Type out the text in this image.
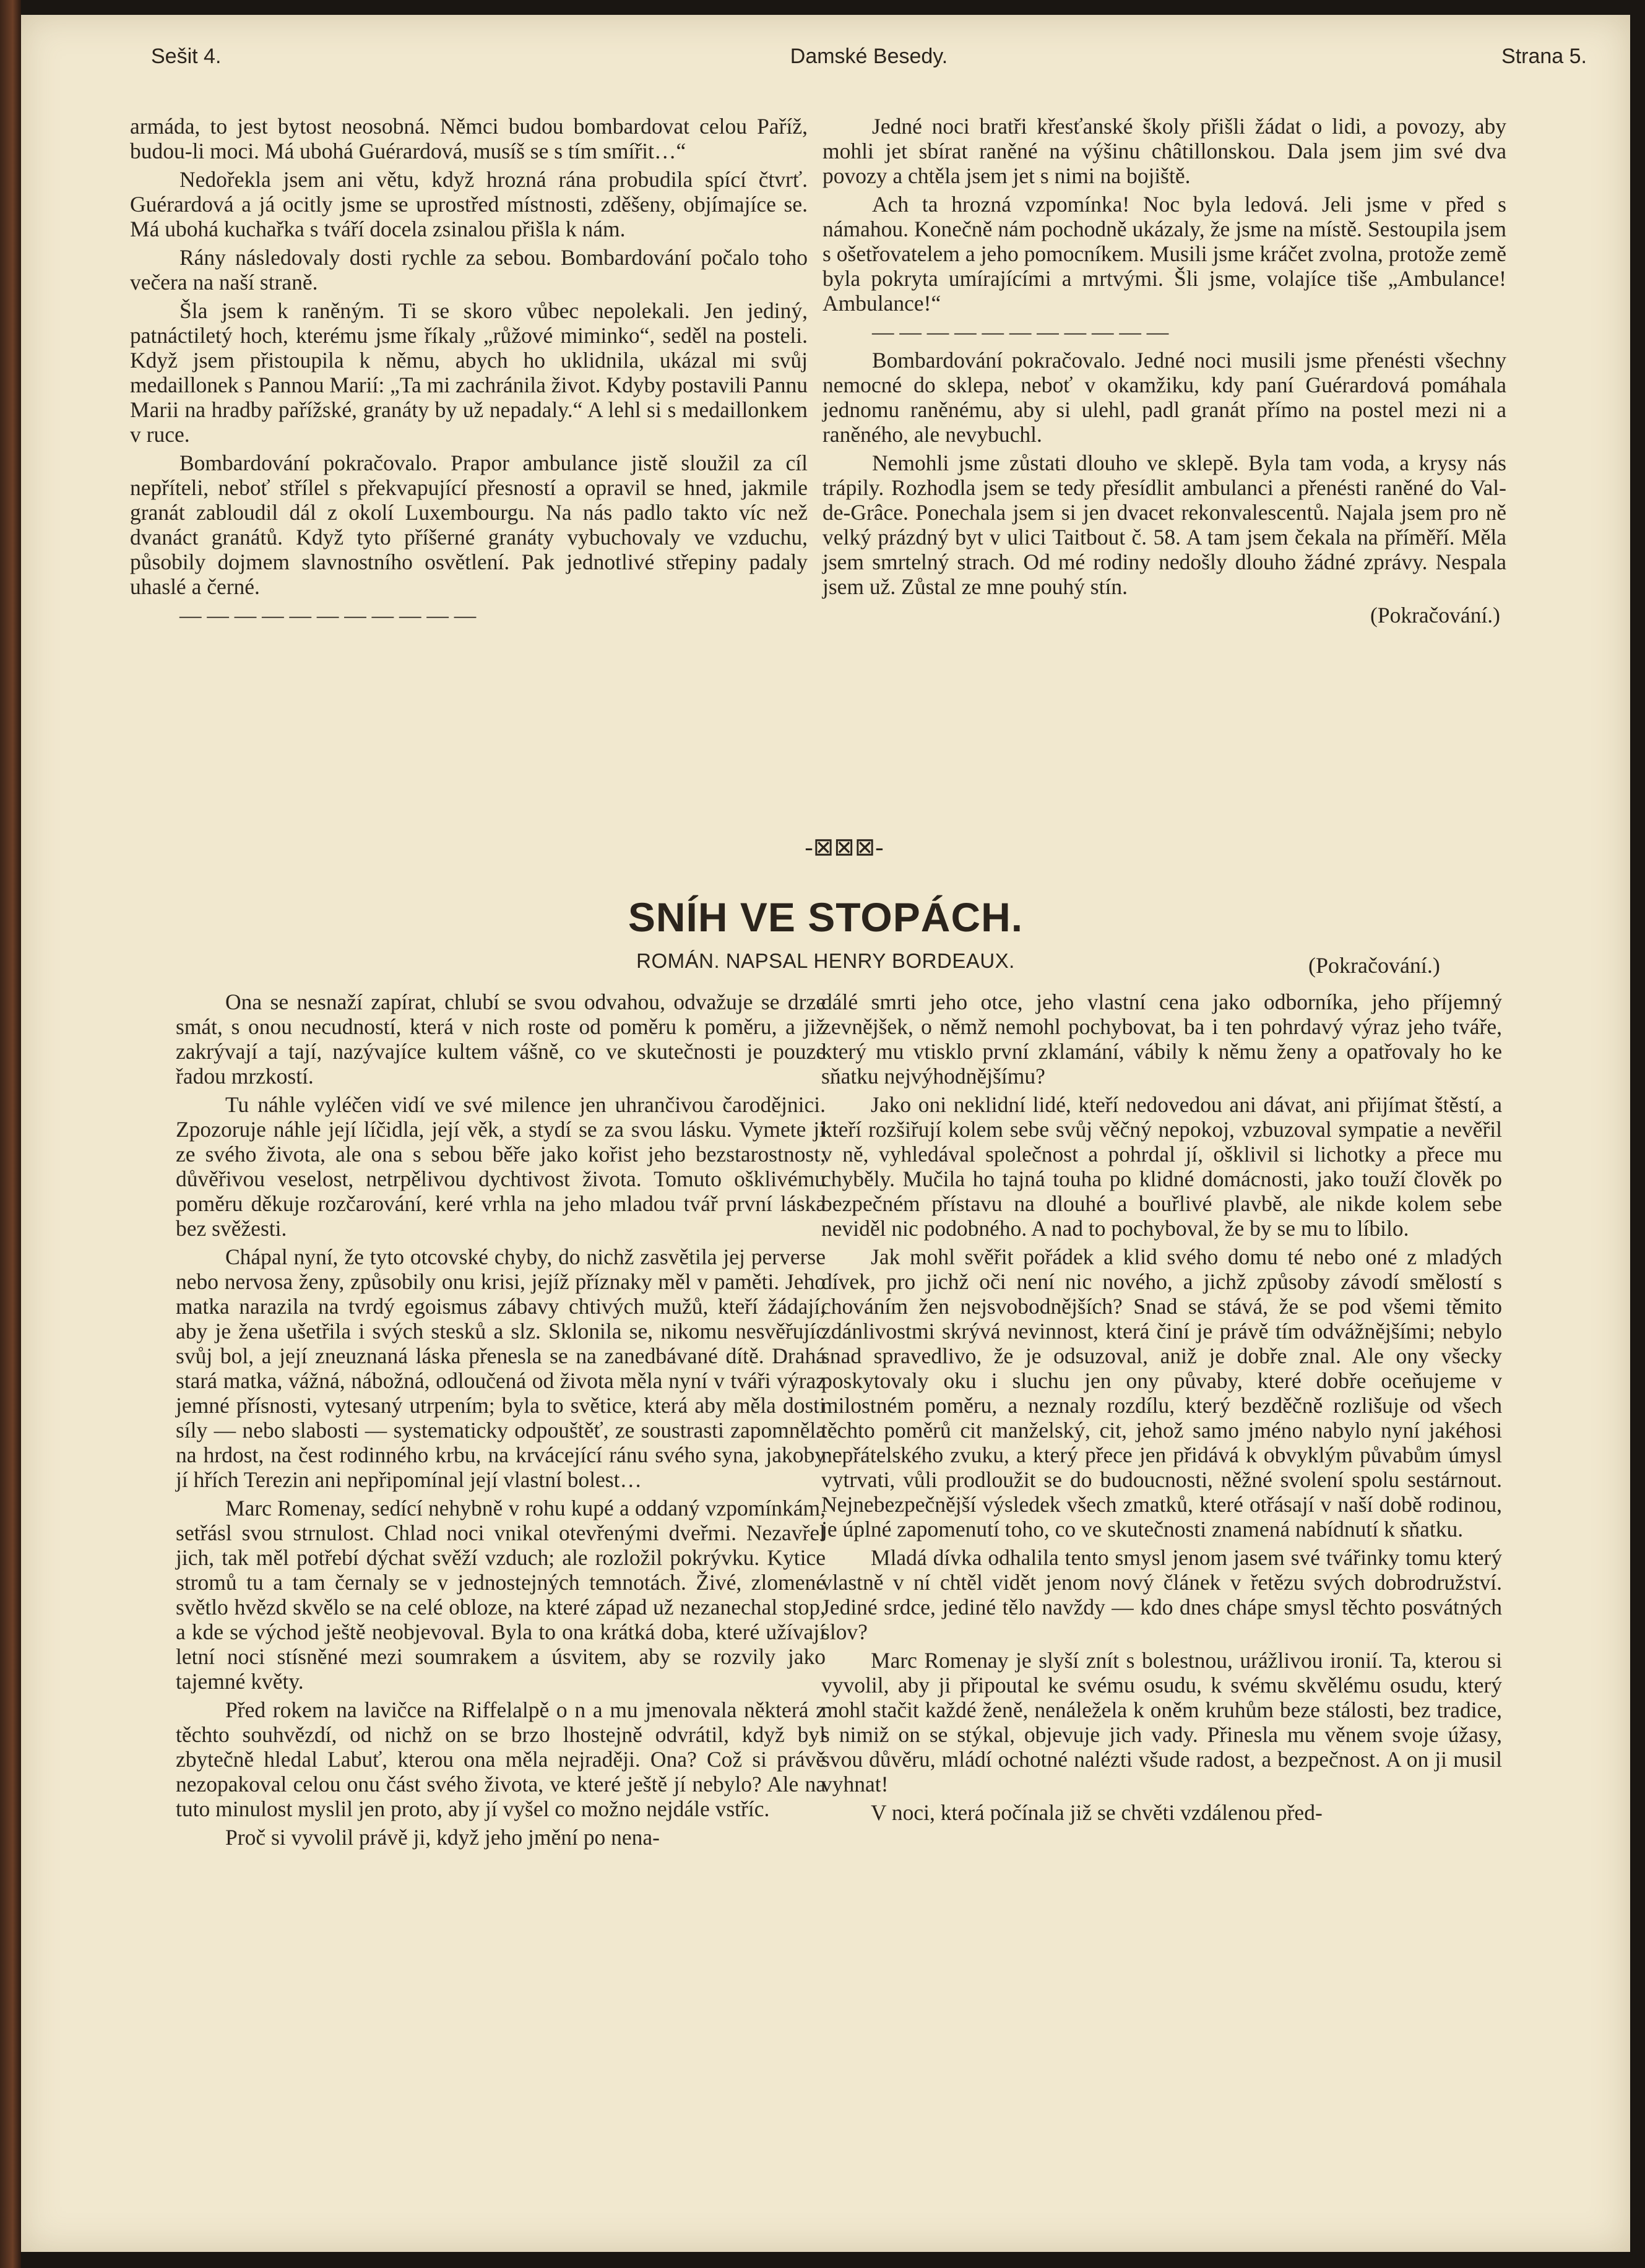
Sešit 4.	Damské Besedy.	Strana 5.

armáda, to jest bytost neosobná. Němci budou bombardovat celou Paříž, budou-li moci. Má ubohá Guérardová, musíš se s tím smířit…“

Nedořekla jsem ani větu, když hrozná rána probudila spící čtvrť. Guérardová a já ocitly jsme se uprostřed místnosti, zděšeny, objímajíce se. Má ubohá kuchařka s tváří docela zsinalou přišla k nám.

Rány následovaly dosti rychle za sebou. Bombardování počalo toho večera na naší straně.

Šla jsem k raněným. Ti se skoro vůbec nepolekali. Jen jediný, patnáctiletý hoch, kterému jsme říkaly „růžové miminko“, seděl na posteli. Když jsem přistoupila k němu, abych ho uklidnila, ukázal mi svůj medaillonek s Pannou Marií: „Ta mi zachránila život. Kdyby postavili Pannu Marii na hradby pařížské, granáty by už nepadaly.“ A lehl si s medaillonkem v ruce.

Bombardování pokračovalo. Prapor ambulance jistě sloužil za cíl nepříteli, neboť střílel s překvapující přesností a opravil se hned, jakmile granát zabloudil dál z okolí Luxembourgu. Na nás padlo takto víc než dvanáct granátů. Když tyto příšerné granáty vybuchovaly ve vzduchu, působily dojmem slavnostního osvětlení. Pak jednotlivé střepiny padaly uhaslé a černé.

— — — — — — — — — — —

Jedné noci bratři křesťanské školy přišli žádat o lidi, a povozy, aby mohli jet sbírat raněné na výšinu châtillonskou. Dala jsem jim své dva povozy a chtěla jsem jet s nimi na bojiště.

Ach ta hrozná vzpomínka! Noc byla ledová. Jeli jsme v před s námahou. Konečně nám pochodně ukázaly, že jsme na místě. Sestoupila jsem s ošetřovatelem a jeho pomocníkem. Musili jsme kráčet zvolna, protože země byla pokryta umírajícími a mrtvými. Šli jsme, volajíce tiše „Ambulance! Ambulance!“

— — — — — — — — — — —

Bombardování pokračovalo. Jedné noci musili jsme přenésti všechny nemocné do sklepa, neboť v okamžiku, kdy paní Guérardová pomáhala jednomu raněnému, aby si ulehl, padl granát přímo na postel mezi ni a raněného, ale nevybuchl.

Nemohli jsme zůstati dlouho ve sklepě. Byla tam voda, a krysy nás trápily. Rozhodla jsem se tedy přesídlit ambulanci a přenésti raněné do Val-de-Grâce. Ponechala jsem si jen dvacet rekonvalescentů. Najala jsem pro ně velký prázdný byt v ulici Taitbout č. 58. A tam jsem čekala na příměří. Měla jsem smrtelný strach. Od mé rodiny nedošly dlouho žádné zprávy. Nespala jsem už. Zůstal ze mne pouhý stín.

(Pokračování.)

-⊠⊠⊠-
SNÍH VE STOPÁCH.
ROMÁN. NAPSAL HENRY BORDEAUX.	(Pokračování.)

Ona se nesnaží zapírat, chlubí se svou odvahou, odvažuje se drze smát, s onou necudností, která v nich roste od poměru k poměru, a již zakrývají a tají, nazývajíce kultem vášně, co ve skutečnosti je pouze řadou mrzkostí.

Tu náhle vyléčen vidí ve své milence jen uhrančivou čarodějnici. Zpozoruje náhle její líčidla, její věk, a stydí se za svou lásku. Vymete ji ze svého života, ale ona s sebou běře jako kořist jeho bezstarostnost, důvěřivou veselost, netrpělivou dychtivost života. Tomuto ošklivému poměru děkuje rozčarování, keré vrhla na jeho mladou tvář první láska bez svěžesti.

Chápal nyní, že tyto otcovské chyby, do nichž zasvětila jej perverse nebo nervosa ženy, způsobily onu krisi, jejíž příznaky měl v paměti. Jeho matka narazila na tvrdý egoismus zábavy chtivých mužů, kteří žádají, aby je žena ušetřila i svých stesků a slz. Sklonila se, nikomu nesvěřujíc svůj bol, a její zneuznaná láska přenesla se na zanedbávané dítě. Drahá stará matka, vážná, nábožná, odloučená od života měla nyní v tváři výraz jemné přísnosti, vytesaný utrpením; byla to světice, která aby měla dosti síly — nebo slabosti — systematicky odpouštěť, ze soustrasti zapomněla na hrdost, na čest rodinného krbu, na krvácející ránu svého syna, jakoby jí hřích Terezin ani nepřipomínal její vlastní bolest…

Marc Romenay, sedící nehybně v rohu kupé a oddaný vzpomínkám, setřásl svou strnulost. Chlad noci vnikal otevřenými dveřmi. Nezavřel jich, tak měl potřebí dýchat svěží vzduch; ale rozložil pokrývku. Kytice stromů tu a tam černaly se v jednostejných temnotách. Živé, zlomené světlo hvězd skvělo se na celé obloze, na které západ už nezanechal stop, a kde se východ ještě neobjevoval. Byla to ona krátká doba, které užívají letní noci stísněné mezi soumrakem a úsvitem, aby se rozvily jako tajemné květy.

Před rokem na lavičce na Riffelalpě o n a mu jmenovala některá z těchto souhvězdí, od nichž on se brzo lhostejně odvrátil, když byl zbytečně hledal Labuť, kterou ona měla nejraději. Ona? Což si právě nezopakoval celou onu část svého života, ve které ještě jí nebylo? Ale na tuto minulost myslil jen proto, aby jí vyšel co možno nejdále vstříc.

Proč si vyvolil právě ji, když jeho jmění po nena-

dálé smrti jeho otce, jeho vlastní cena jako odborníka, jeho příjemný zevnějšek, o němž nemohl pochybovat, ba i ten pohrdavý výraz jeho tváře, který mu vtisklo první zklamání, vábily k němu ženy a opatřovaly ho ke sňatku nejvýhodnějšímu?

Jako oni neklidní lidé, kteří nedovedou ani dávat, ani přijímat štěstí, a kteří rozšiřují kolem sebe svůj věčný nepokoj, vzbuzoval sympatie a nevěřil v ně, vyhledával společnost a pohrdal jí, ošklivil si lichotky a přece mu chyběly. Mučila ho tajná touha po klidné domácnosti, jako touží člověk po bezpečném přístavu na dlouhé a bouřlivé plavbě, ale nikde kolem sebe neviděl nic podobného. A nad to pochyboval, že by se mu to líbilo.

Jak mohl svěřit pořádek a klid svého domu té nebo oné z mladých dívek, pro jichž oči není nic nového, a jichž způsoby závodí smělostí s chováním žen nejsvobodnějších? Snad se stává, že se pod všemi těmito zdánlivostmi skrývá nevinnost, která činí je právě tím odvážnějšími; nebylo snad spravedlivo, že je odsuzoval, aniž je dobře znal. Ale ony všecky poskytovaly oku i sluchu jen ony půvaby, které dobře oceňujeme v milostném poměru, a neznaly rozdílu, který bezděčně rozlišuje od všech těchto poměrů cit manželský, cit, jehož samo jméno nabylo nyní jakéhosi nepřátelského zvuku, a který přece jen přidává k obvyklým půvabům úmysl vytrvati, vůli prodloužit se do budoucnosti, něžné svolení spolu sestárnout. Nejnebezpečnější výsledek všech zmatků, které otřásají v naší době rodinou, je úplné zapomenutí toho, co ve skutečnosti znamená nabídnutí k sňatku.

Mladá dívka odhalila tento smysl jenom jasem své tvářinky tomu který vlastně v ní chtěl vidět jenom nový článek v řetězu svých dobrodružství. Jediné srdce, jediné tělo navždy — kdo dnes chápe smysl těchto posvátných slov?

Marc Romenay je slyší znít s bolestnou, urážlivou ironií. Ta, kterou si vyvolil, aby ji připoutal ke svému osudu, k svému skvělému osudu, který mohl stačit každé ženě, nenáležela k oněm kruhům beze stálosti, bez tradice, s nimiž on se stýkal, objevuje jich vady. Přinesla mu věnem svoje úžasy, svou důvěru, mládí ochotné nalézti všude radost, a bezpečnost. A on ji musil vyhnat!

V noci, která počínala již se chvěti vzdálenou před-
